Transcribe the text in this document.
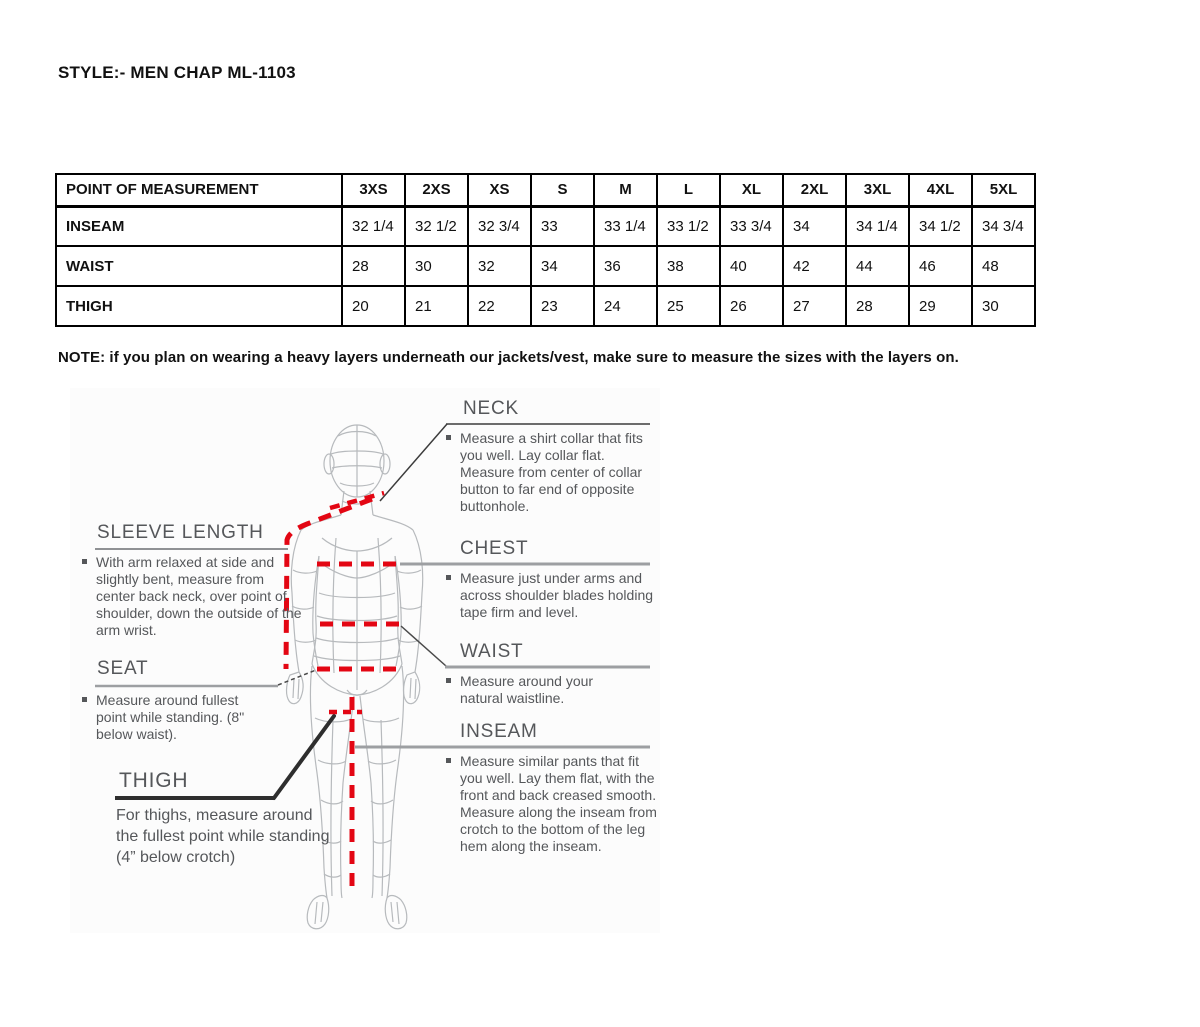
STYLE:- MEN CHAP ML-1103
POINT OF MEASUREMENT	3XS	2XS	XS	S	M	L	XL	2XL	3XL	4XL	5XL
INSEAM	32 1/4	32 1/2	32 3/4	33	33 1/4	33 1/2	33 3/4	34	34 1/4	34 1/2	34 3/4
WAIST	28	30	32	34	36	38	40	42	44	46	48
THIGH	20	21	22	23	24	25	26	27	28	29	30
NOTE: if you plan on wearing a heavy layers underneath our jackets/vest, make sure to measure the sizes with the layers on.
NECK
Measure a shirt collar that fits you well. Lay collar flat. Measure from center of collar button to far end of opposite buttonhole.
CHEST
Measure just under arms and across shoulder blades holding tape firm and level.
WAIST
Measure around your natural waistline.
INSEAM
Measure similar pants that fit you well. Lay them flat, with the front and back creased smooth. Measure along the inseam from crotch to the bottom of the leg hem along the inseam.
SLEEVE LENGTH
With arm relaxed at side and slightly bent, measure from center back neck, over point of shoulder, down the outside of the arm wrist.
SEAT
Measure around fullest point while standing. (8" below waist).
THIGH
For thighs, measure around the fullest point while standing (4” below crotch)
